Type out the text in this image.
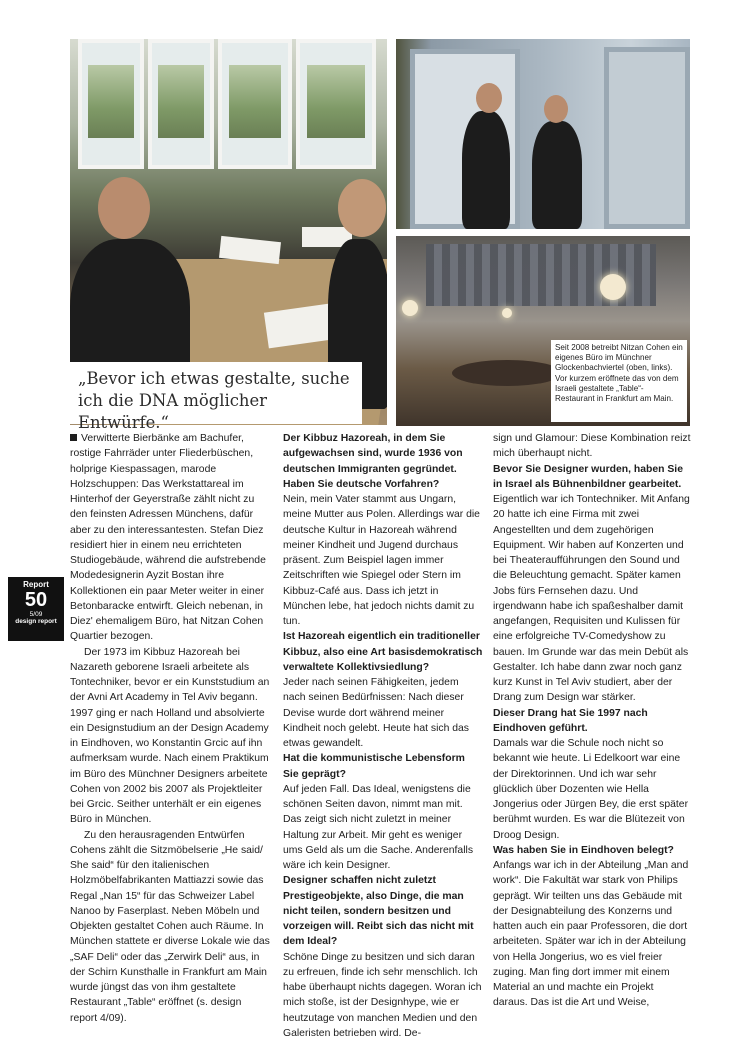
„Bevor ich etwas gestalte, suche ich die DNA möglicher Entwürfe.“
Seit 2008 betreibt Nitzan Cohen ein eigenes Büro im Münchner Glockenbachviertel (oben, links). Vor kurzem eröffnete das von dem Israeli gestaltete „Table“-Restaurant in Frankfurt am Main.
Report
50
5/09
design report

Verwitterte Bierbänke am Bachufer, rostige Fahrräder unter Fliederbüschen, holprige Kiespassagen, marode Holzschuppen: Das Werkstattareal im Hinterhof der Geyerstraße zählt nicht zu den feinsten Adressen Münchens, dafür aber zu den interessantesten. Stefan Diez residiert hier in einem neu errichteten Studiogebäude, während die aufstrebende Modedesignerin Ayzit Bostan ihre Kollektionen ein paar Meter weiter in einer Betonbaracke entwirft. Gleich nebenan, in Diez' ehemaligem Büro, hat Nitzan Cohen Quartier bezogen.

Der 1973 im Kibbuz Hazoreah bei Nazareth geborene Israeli arbeitete als Tontechniker, bevor er ein Kunststudium an der Avni Art Academy in Tel Aviv begann. 1997 ging er nach Holland und absolvierte ein Designstudium an der Design Academy in Eindhoven, wo Konstantin Grcic auf ihn aufmerksam wurde. Nach einem Praktikum im Büro des Münchner Designers arbeitete Cohen von 2002 bis 2007 als Projektleiter bei Grcic. Seither unterhält er ein eigenes Büro in München.

Zu den herausragenden Entwürfen Cohens zählt die Sitzmöbelserie „He said/ She said“ für den italienischen Holzmöbelfabrikanten Mattiazzi sowie das Regal „Nan 15“ für das Schweizer Label Nanoo by Faserplast. Neben Möbeln und Objekten gestaltet Cohen auch Räume. In München stattete er diverse Lokale wie das „SAF Deli“ oder das „Zerwirk Deli“ aus, in der Schirn Kunsthalle in Frankfurt am Main wurde jüngst das von ihm gestaltete Restaurant „Table“ eröffnet (s. design report 4/09).

Der Kibbuz Hazoreah, in dem Sie aufgewachsen sind, wurde 1936 von deutschen Immigranten gegründet. Haben Sie deutsche Vorfahren?

Nein, mein Vater stammt aus Ungarn, meine Mutter aus Polen. Allerdings war die deutsche Kultur in Hazoreah während meiner Kindheit und Jugend durchaus präsent. Zum Beispiel lagen immer Zeitschriften wie Spiegel oder Stern im Kibbuz-Café aus. Dass ich jetzt in München lebe, hat jedoch nichts damit zu tun.

Ist Hazoreah eigentlich ein traditioneller Kibbuz, also eine Art basisdemokratisch verwaltete Kollektivsiedlung?

Jeder nach seinen Fähigkeiten, jedem nach seinen Bedürfnissen: Nach dieser Devise wurde dort während meiner Kindheit noch gelebt. Heute hat sich das etwas gewandelt.

Hat die kommunistische Lebensform Sie geprägt?

Auf jeden Fall. Das Ideal, wenigstens die schönen Seiten davon, nimmt man mit. Das zeigt sich nicht zuletzt in meiner Haltung zur Arbeit. Mir geht es weniger ums Geld als um die Sache. Anderenfalls wäre ich kein Designer.

Designer schaffen nicht zuletzt Prestigeobjekte, also Dinge, die man nicht teilen, sondern besitzen und vorzeigen will. Reibt sich das nicht mit dem Ideal?

Schöne Dinge zu besitzen und sich daran zu erfreuen, finde ich sehr menschlich. Ich habe überhaupt nichts dagegen. Woran ich mich stoße, ist der Designhype, wie er heutzutage von manchen Medien und den Galeristen betrieben wird. De-

sign und Glamour: Diese Kombination reizt mich überhaupt nicht.

Bevor Sie Designer wurden, haben Sie in Israel als Bühnenbildner gearbeitet.

Eigentlich war ich Tontechniker. Mit Anfang 20 hatte ich eine Firma mit zwei Angestellten und dem zugehörigen Equipment. Wir haben auf Konzerten und bei Theateraufführungen den Sound und die Beleuchtung gemacht. Später kamen Jobs fürs Fernsehen dazu. Und irgendwann habe ich spaßeshalber damit angefangen, Requisiten und Kulissen für eine erfolgreiche TV-Comedyshow zu bauen. Im Grunde war das mein Debüt als Gestalter. Ich habe dann zwar noch ganz kurz Kunst in Tel Aviv studiert, aber der Drang zum Design war stärker.

Dieser Drang hat Sie 1997 nach Eindhoven geführt.

Damals war die Schule noch nicht so bekannt wie heute. Li Edelkoort war eine der Direktorinnen. Und ich war sehr glücklich über Dozenten wie Hella Jongerius oder Jürgen Bey, die erst später berühmt wurden. Es war die Blütezeit von Droog Design.

Was haben Sie in Eindhoven belegt?

Anfangs war ich in der Abteilung „Man and work“. Die Fakultät war stark von Philips geprägt. Wir teilten uns das Gebäude mit der Designabteilung des Konzerns und hatten auch ein paar Professoren, die dort arbeiteten. Später war ich in der Abteilung von Hella Jongerius, wo es viel freier zuging. Man fing dort immer mit einem Material an und machte ein Projekt daraus. Das ist die Art und Weise,
